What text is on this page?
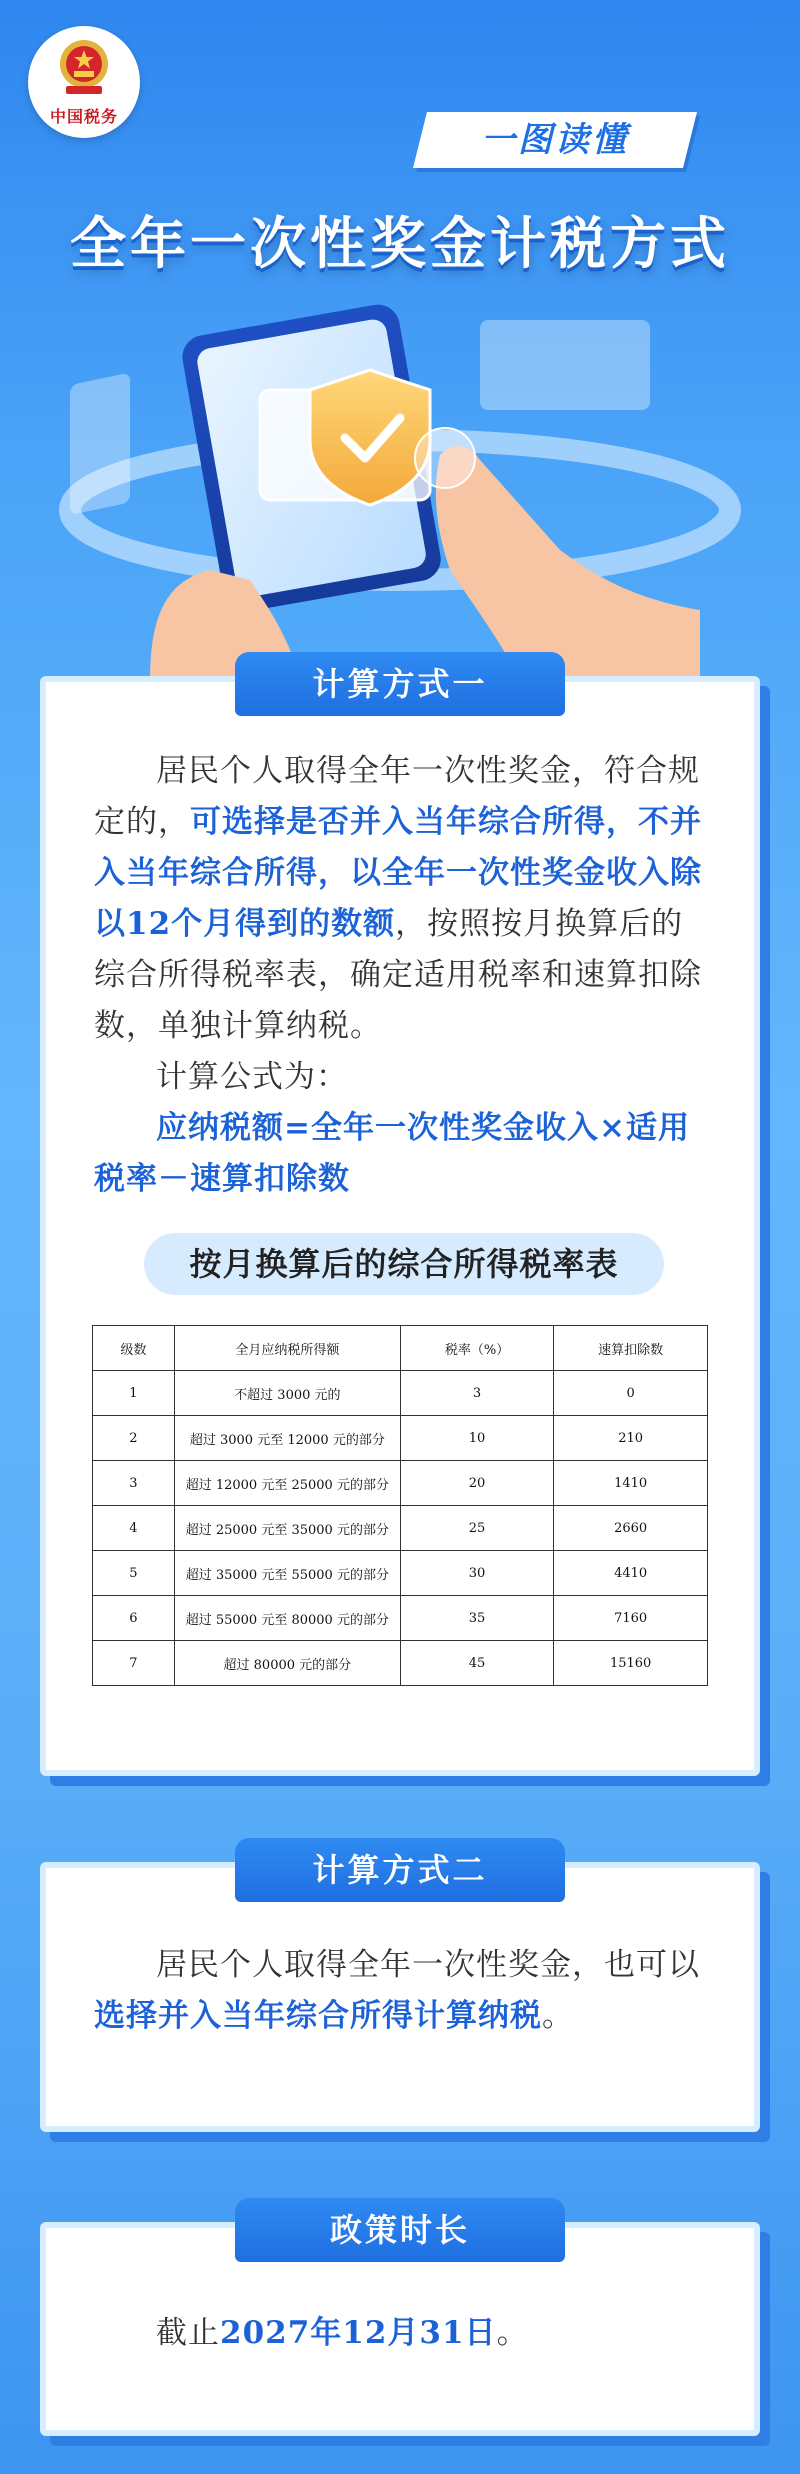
中国税务
一图读懂
全年一次性奖金计税方式
计算方式一

居民个人取得全年一次性奖金，符合规定的，可选择是否并入当年综合所得，不并入当年综合所得，以全年一次性奖金收入除以12个月得到的数额，按照按月换算后的综合所得税率表，确定适用税率和速算扣除数，单独计算纳税。

计算公式为：

应纳税额=全年一次性奖金收入×适用税率－速算扣除数

按月换算后的综合所得税率表
级数	全月应纳税所得额	税率（%）	速算扣除数
1	不超过 3000 元的	3	0
2	超过 3000 元至 12000 元的部分	10	210
3	超过 12000 元至 25000 元的部分	20	1410
4	超过 25000 元至 35000 元的部分	25	2660
5	超过 35000 元至 55000 元的部分	30	4410
6	超过 55000 元至 80000 元的部分	35	7160
7	超过 80000 元的部分	45	15160
计算方式二

居民个人取得全年一次性奖金，也可以选择并入当年综合所得计算纳税。

政策时长

截止2027年12月31日。
